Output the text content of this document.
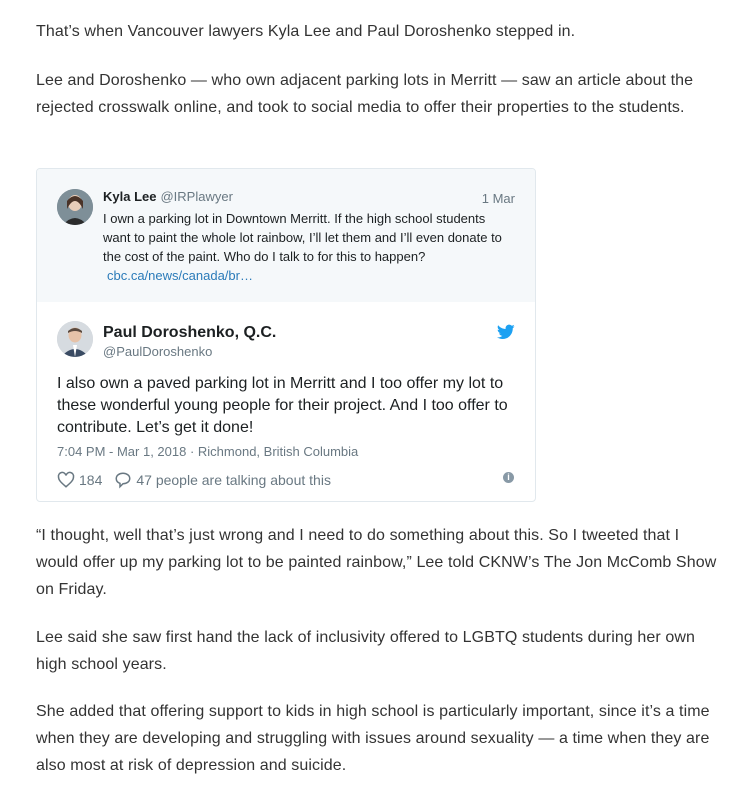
That’s when Vancouver lawyers Kyla Lee and Paul Doroshenko stepped in.

Lee and Doroshenko — who own adjacent parking lots in Merritt — saw an article about the rejected crosswalk online, and took to social media to offer their properties to the students.

Kyla Lee @IRPlawyer	1 Mar

I own a parking lot in Downtown Merritt. If the high school students want to paint the whole lot rainbow, I’ll let them and I’ll even donate to the cost of the paint. Who do I talk to for this to happen?cbc.ca/news/canada/br…

Paul Doroshenko, Q.C.
@PaulDoroshenko

I also own a paved parking lot in Merritt and I too offer my lot to these wonderful young people for their project. And I too offer to contribute. Let’s get it done!

7:04 PM - Mar 1, 2018 · Richmond, British Columbia
184 47 people are talking about this	i

“I thought, well that’s just wrong and I need to do something about this. So I tweeted that I would offer up my parking lot to be painted rainbow,” Lee told CKNW’s The Jon McComb Show on Friday.

Lee said she saw first hand the lack of inclusivity offered to LGBTQ students during her own high school years.

She added that offering support to kids in high school is particularly important, since it’s a time when they are developing and struggling with issues around sexuality — a time when they are also most at risk of depression and suicide.
